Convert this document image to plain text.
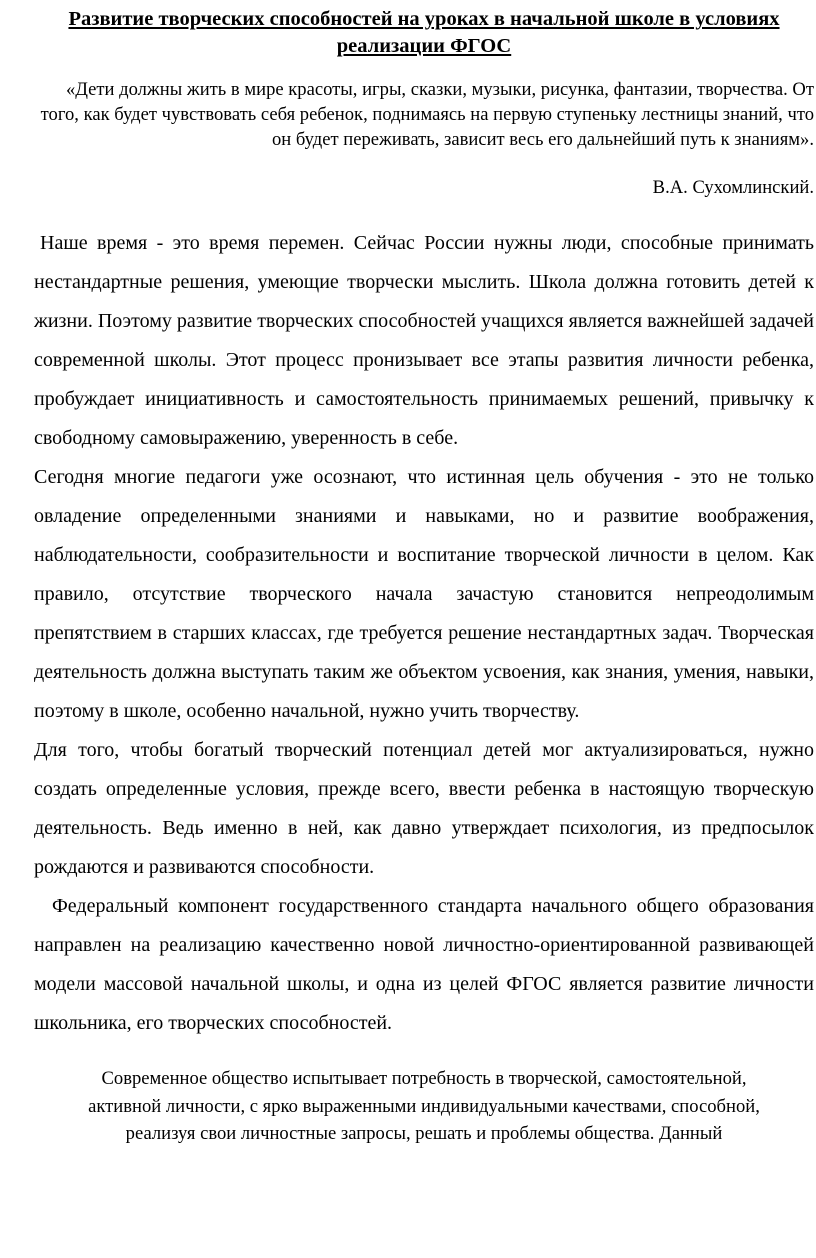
Развитие творческих способностей на уроках в начальной школе в условиях реализации ФГОС

«Дети должны жить в мире красоты, игры, сказки, музыки, рисунка, фантазии, творчества. От того, как будет чувствовать себя ребенок, поднимаясь на первую ступеньку лестницы знаний, что он будет переживать, зависит весь его дальнейший путь к знаниям».

В.А. Сухомлинский.

Наше время - это время перемен. Сейчас России нужны люди, способные принимать нестандартные решения, умеющие творчески мыслить. Школа должна готовить детей к жизни. Поэтому развитие творческих способностей учащихся является важнейшей задачей современной школы. Этот процесс пронизывает все этапы развития личности ребенка, пробуждает инициативность и самостоятельность принимаемых решений, привычку к свободному самовыражению, уверенность в себе.

Сегодня многие педагоги уже осознают, что истинная цель обучения - это не только овладение определенными знаниями и навыками, но и развитие воображения, наблюдательности, сообразительности и воспитание творческой личности в целом. Как правило, отсутствие творческого начала зачастую становится непреодолимым препятствием в старших классах, где требуется решение нестандартных задач. Творческая деятельность должна выступать таким же объектом усвоения, как знания, умения, навыки, поэтому в школе, особенно начальной, нужно учить творчеству.

Для того, чтобы богатый творческий потенциал детей мог актуализироваться, нужно создать определенные условия, прежде всего, ввести ребенка в настоящую творческую деятельность. Ведь именно в ней, как давно утверждает психология, из предпосылок рождаются и развиваются способности.

Федеральный компонент государственного стандарта начального общего образования направлен на реализацию качественно новой личностно-ориентированной развивающей модели массовой начальной школы, и одна из целей ФГОС является развитие личности школьника, его творческих способностей.

Современное общество испытывает потребность в творческой, самостоятельной, активной личности, с ярко выраженными индивидуальными качествами, способной, реализуя свои личностные запросы, решать и проблемы общества. Данный
